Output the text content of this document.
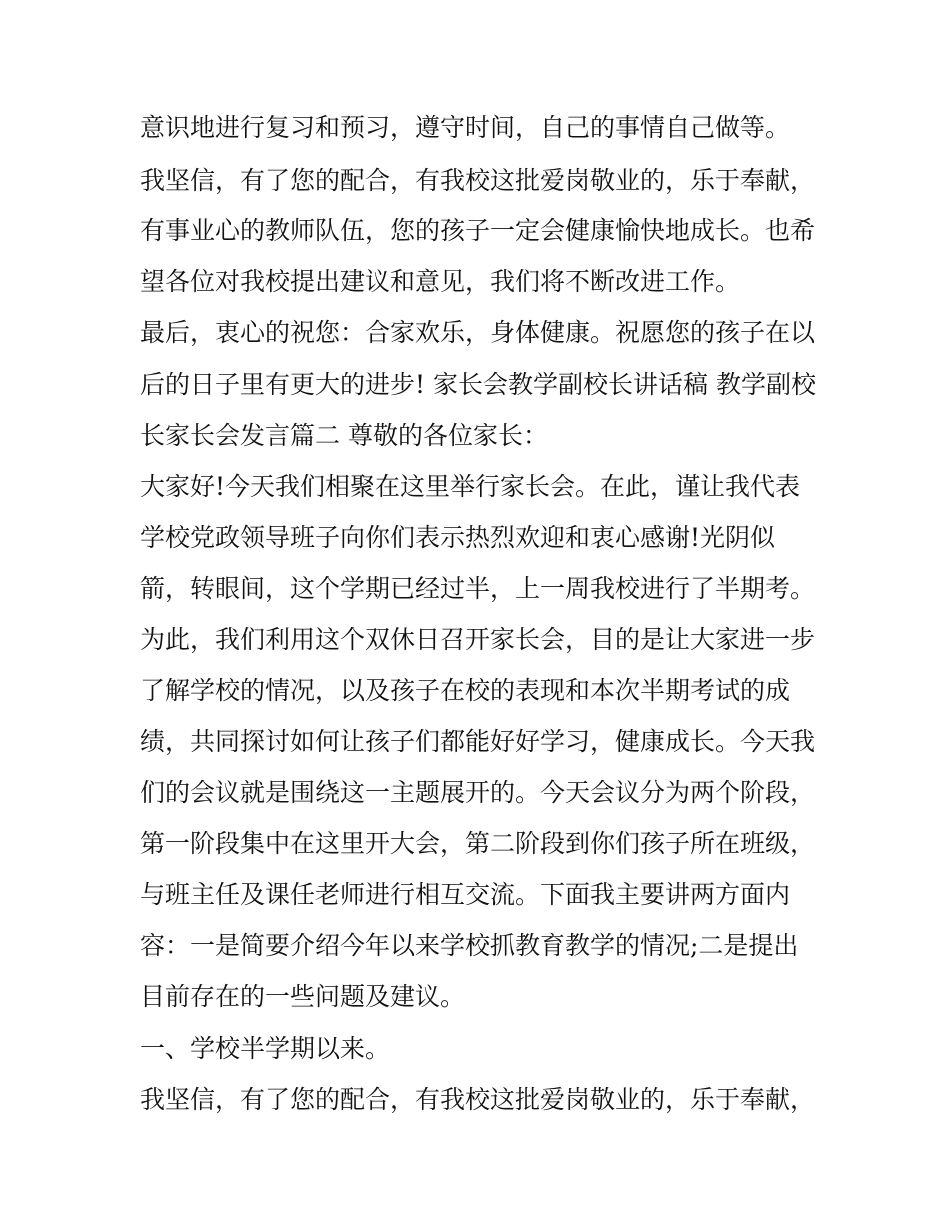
意识地进行复习和预习，遵守时间，自己的事情自己做等。

我坚信，有了您的配合，有我校这批爱岗敬业的，乐于奉献，

有事业心的教师队伍，您的孩子一定会健康愉快地成长。也希

望各位对我校提出建议和意见，我们将不断改进工作。

最后，衷心的祝您：合家欢乐，身体健康。祝愿您的孩子在以

后的日子里有更大的进步! 家长会教学副校长讲话稿 教学副校

长家长会发言篇二 尊敬的各位家长：

大家好!今天我们相聚在这里举行家长会。在此，谨让我代表

学校党政领导班子向你们表示热烈欢迎和衷心感谢!光阴似

箭，转眼间，这个学期已经过半，上一周我校进行了半期考。

为此，我们利用这个双休日召开家长会，目的是让大家进一步

了解学校的情况，以及孩子在校的表现和本次半期考试的成

绩，共同探讨如何让孩子们都能好好学习，健康成长。今天我

们的会议就是围绕这一主题展开的。今天会议分为两个阶段，

第一阶段集中在这里开大会，第二阶段到你们孩子所在班级，

与班主任及课任老师进行相互交流。下面我主要讲两方面内

容：一是简要介绍今年以来学校抓教育教学的情况;二是提出

目前存在的一些问题及建议。

一、学校半学期以来。

我坚信，有了您的配合，有我校这批爱岗敬业的，乐于奉献，
